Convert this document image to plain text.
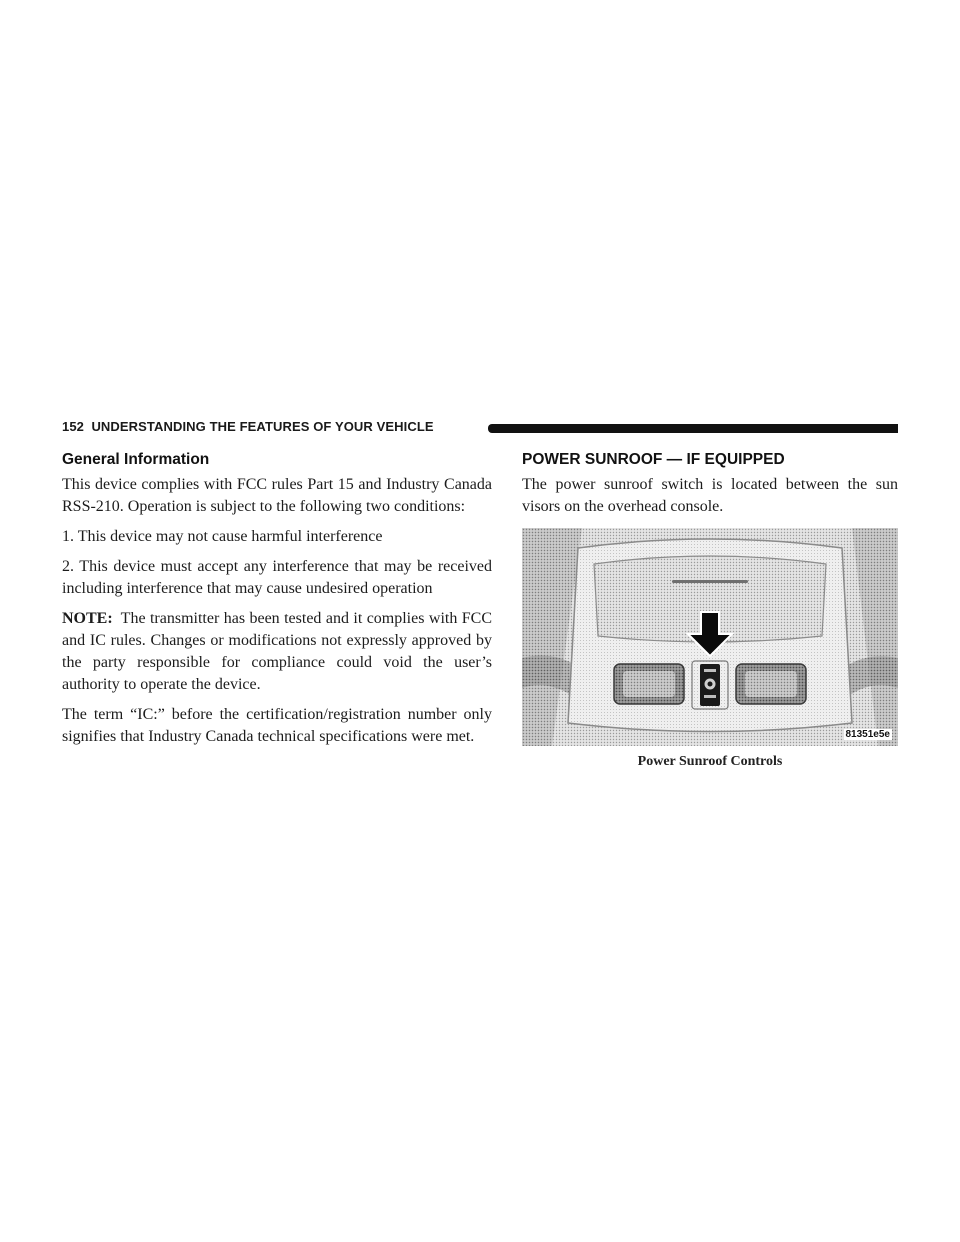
152 UNDERSTANDING THE FEATURES OF YOUR VEHICLE
General Information

This device complies with FCC rules Part 15 and Industry Canada RSS-210. Operation is subject to the following two conditions:

1. This device may not cause harmful interference

2. This device must accept any interference that may be received including interference that may cause undesired operation

NOTE: The transmitter has been tested and it complies with FCC and IC rules. Changes or modifications not expressly approved by the party responsible for compliance could void the user’s authority to operate the device.

The term “IC:” before the certification/registration number only signifies that Industry Canada technical specifications were met.

POWER SUNROOF — IF EQUIPPED

The power sunroof switch is located between the sun visors on the overhead console.

81351e5e
Power Sunroof Controls
